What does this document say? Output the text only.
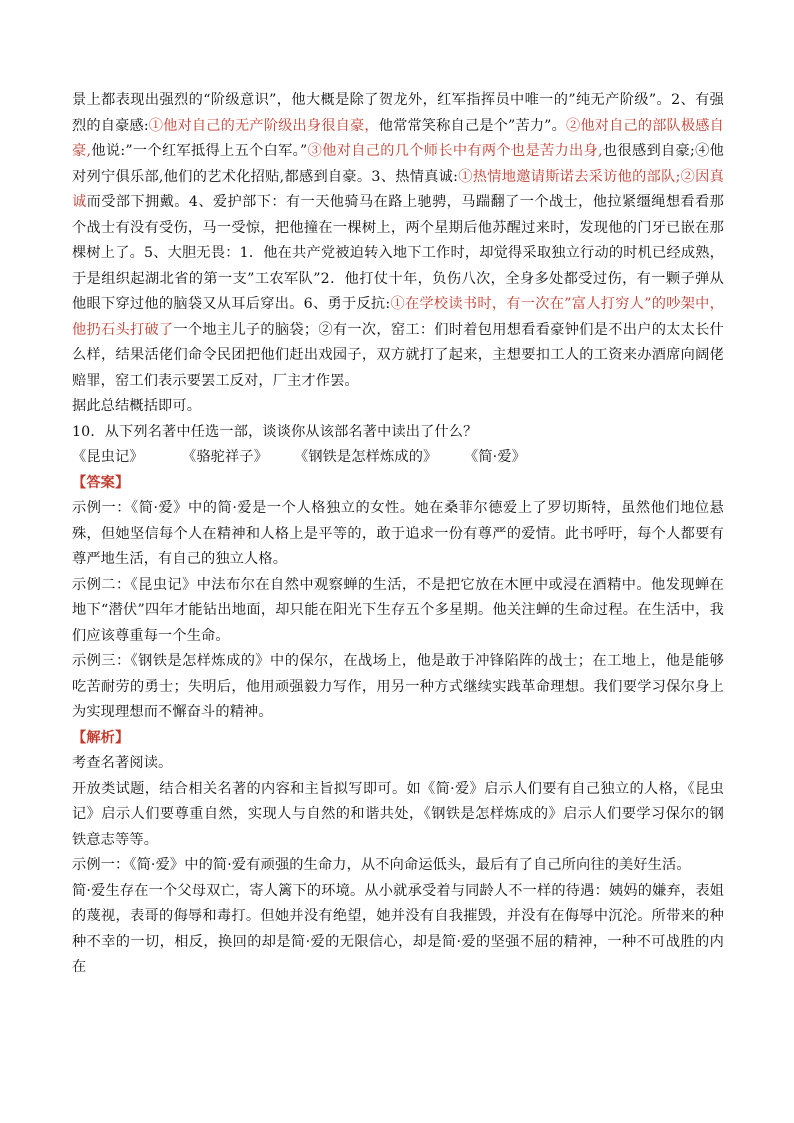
景上都表现出强烈的“阶级意识”，他大概是除了贺龙外，红军指挥员中唯一的”纯无产阶级”。2、有强烈的自豪感:①他对自己的无产阶级出身很自豪，他常常笑称自己是个”苦力”。②他对自己的部队极感自豪,他说:”一个红军抵得上五个白军。”③他对自己的几个师长中有两个也是苦力出身,也很感到自豪;④他对列宁俱乐部,他们的艺术化招贴,都感到自豪。3、热情真诚:①热情地邀请斯诺去采访他的部队;②因真诚而受部下拥戴。4、爱护部下：有一天他骑马在路上驰骋，马踹翻了一个战士，他拉紧缰绳想看看那个战士有没有受伤，马一受惊，把他撞在一棵树上，两个星期后他苏醒过来时，发现他的门牙已嵌在那棵树上了。5、大胆无畏：1．他在共产党被迫转入地下工作时，却觉得采取独立行动的时机已经成熟，于是组织起湖北省的第一支”工农军队”2．他打仗十年，负伤八次，全身多处都受过伤，有一颗子弹从他眼下穿过他的脑袋又从耳后穿出。6、勇于反抗:①在学校读书时，有一次在”富人打穷人”的吵架中，他扔石头打破了一个地主儿子的脑袋；②有一次，窑工：们时着包用想看看豪钟们是不出户的太太长什么样，结果活佬们命令民团把他们赶出戏园子，双方就打了起来，主想要扣工人的工资来办酒席向阔佬赔罪，窑工们表示要罢工反对，厂主才作罢。

据此总结概括即可。

10．从下列名著中任选一部，谈谈你从该部名著中读出了什么？

《昆虫记》	《骆驼祥子》 《钢铁是怎样炼成的》 《简·爱》

【答案】

示例一：《简·爱》中的简·爱是一个人格独立的女性。她在桑菲尔德爱上了罗切斯特，虽然他们地位悬殊，但她坚信每个人在精神和人格上是平等的，敢于追求一份有尊严的爱情。此书呼吁，每个人都要有尊严地生活，有自己的独立人格。

示例二：《昆虫记》中法布尔在自然中观察蝉的生活，不是把它放在木匣中或浸在酒精中。他发现蝉在地下“潜伏”四年才能钻出地面，却只能在阳光下生存五个多星期。他关注蝉的生命过程。在生活中，我们应该尊重每一个生命。

示例三：《钢铁是怎样炼成的》中的保尔，在战场上，他是敢于冲锋陷阵的战士；在工地上，他是能够吃苦耐劳的勇士；失明后，他用顽强毅力写作，用另一种方式继续实践革命理想。我们要学习保尔身上为实现理想而不懈奋斗的精神。

【解析】

考查名著阅读。

开放类试题，结合相关名著的内容和主旨拟写即可。如《简·爱》启示人们要有自己独立的人格，《昆虫记》启示人们要尊重自然，实现人与自然的和谐共处，《钢铁是怎样炼成的》启示人们要学习保尔的钢铁意志等等。

示例一：《简·爱》中的简·爱有顽强的生命力，从不向命运低头，最后有了自己所向往的美好生活。

简·爱生存在一个父母双亡，寄人篱下的环境。从小就承受着与同龄人不一样的待遇：姨妈的嫌弃，表姐的蔑视，表哥的侮辱和毒打。但她并没有绝望，她并没有自我摧毁，并没有在侮辱中沉沦。所带来的种种不幸的一切，相反，换回的却是简·爱的无限信心，却是简·爱的坚强不屈的精神，一种不可战胜的内在
